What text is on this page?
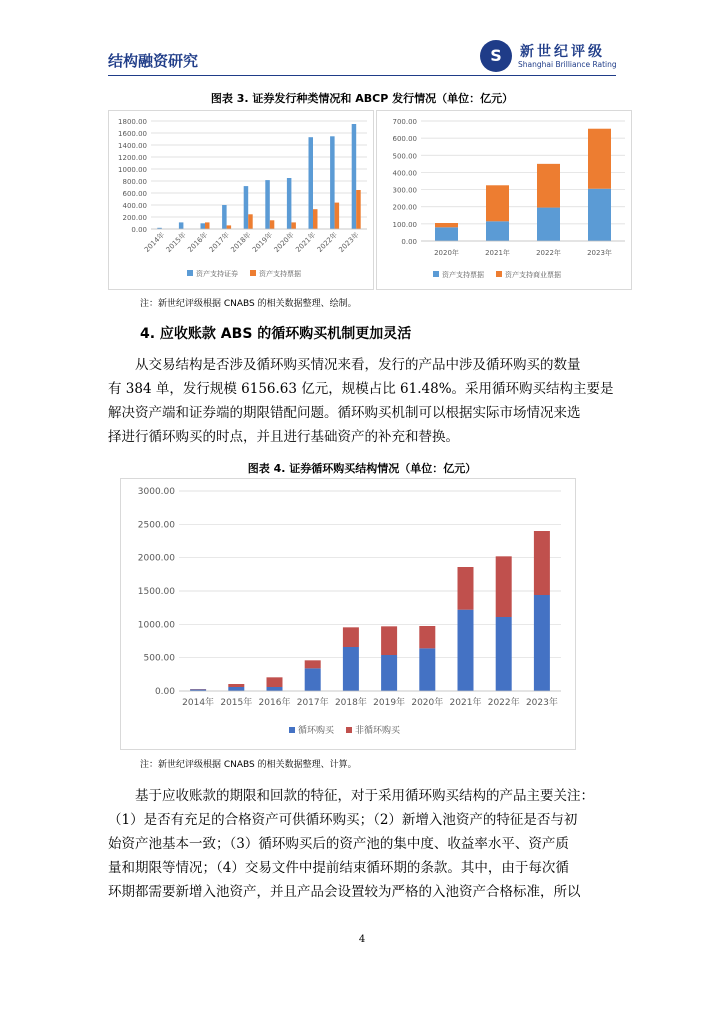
结构融资研究	S	新世纪评级
Shanghai Brilliance Rating
图表 3. 证券发行种类情况和 ABCP 发行情况（单位：亿元）
0.00
200.00
400.00
600.00
800.00
1000.00
1200.00
1400.00
1600.00
1800.00
2014年
2015年
2016年
2017年
2018年
2019年
2020年
2021年
2022年
2023年
资产支持证券	资产支持票据
0.00
100.00
200.00
300.00
400.00
500.00
600.00
700.00
2020年	2021年	2022年	2023年
资产支持票据	资产支持商业票据
注：新世纪评级根据 CNABS 的相关数据整理、绘制。
4. 应收账款 ABS 的循环购买机制更加灵活
从交易结构是否涉及循环购买情况来看，发行的产品中涉及循环购买的数量
有 384 单，发行规模 6156.63 亿元，规模占比 61.48%。采用循环购买结构主要是
解决资产端和证券端的期限错配问题。循环购买机制可以根据实际市场情况来选
择进行循环购买的时点，并且进行基础资产的补充和替换。
图表 4. 证券循环购买结构情况（单位：亿元）
0.00
500.00
1000.00
1500.00
2000.00
2500.00
3000.00
2014年 2015年 2016年 2017年 2018年 2019年 2020年 2021年 2022年 2023年
循环购买 非循环购买
注：新世纪评级根据 CNABS 的相关数据整理、计算。
基于应收账款的期限和回款的特征，对于采用循环购买结构的产品主要关注：
（1）是否有充足的合格资产可供循环购买；（2）新增入池资产的特征是否与初
始资产池基本一致；（3）循环购买后的资产池的集中度、收益率水平、资产质
量和期限等情况；（4）交易文件中提前结束循环期的条款。其中，由于每次循
环期都需要新增入池资产，并且产品会设置较为严格的入池资产合格标准，所以
4
